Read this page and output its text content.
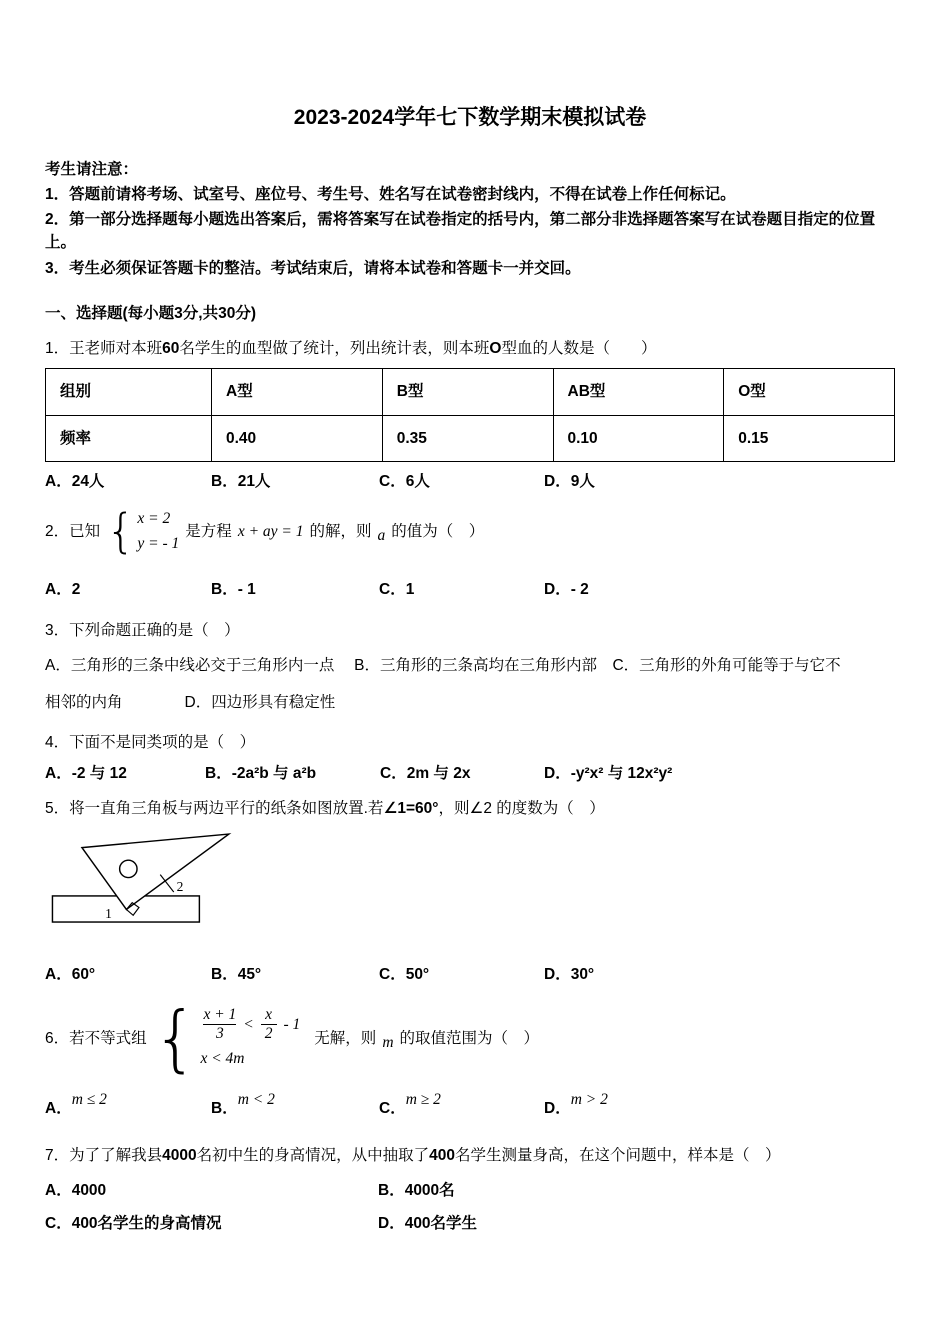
2023-2024学年七下数学期末模拟试卷

考生请注意：

1．答题前请将考场、试室号、座位号、考生号、姓名写在试卷密封线内，不得在试卷上作任何标记。

2．第一部分选择题每小题选出答案后，需将答案写在试卷指定的括号内，第二部分非选择题答案写在试卷题目指定的位置上。

3．考生必须保证答题卡的整洁。考试结束后，请将本试卷和答题卡一并交回。

一、选择题(每小题3分,共30分)

1．王老师对本班60名学生的血型做了统计，列出统计表，则本班O型血的人数是（　　）

组别	A型	B型	AB型	O型
频率	0.40	0.35	0.10	0.15
A．24人	B．21人	C．6人	D．9人
2．已知 { x = 2
y = - 1
是方程 x + ay = 1 的解，则 a 的值为（　）
A．2	B．- 1	C．1	D．- 2

3．下列命题正确的是（　）

A．三角形的三条中线必交于三角形内一点　 B．三角形的三条高均在三角形内部　C．三角形的外角可能等于与它不

相邻的内角　　　　D．四边形具有稳定性

4．下面不是同类项的是（　）

A．-2 与 12	B．-2a²b 与 a²b	C．2m 与 2x	D．-y²x² 与 12x²y²

5．将一直角三角板与两边平行的纸条如图放置.若∠1=60°，则∠2 的度数为（　）

2
1
A．60°	B．45°	C．50°	D．30°
6．若不等式组 { $\frac{x + 1}{3} < \frac{x}{2} - 1$
x < 4m
无解，则 m 的取值范围为（　）
A．m ≤ 2
B．m < 2
C．m ≥ 2
D．m > 2

7．为了了解我县4000名初中生的身高情况，从中抽取了400名学生测量身高，在这个问题中，样本是（　）

A．4000	B．4000名
C．400名学生的身高情况	D．400名学生
